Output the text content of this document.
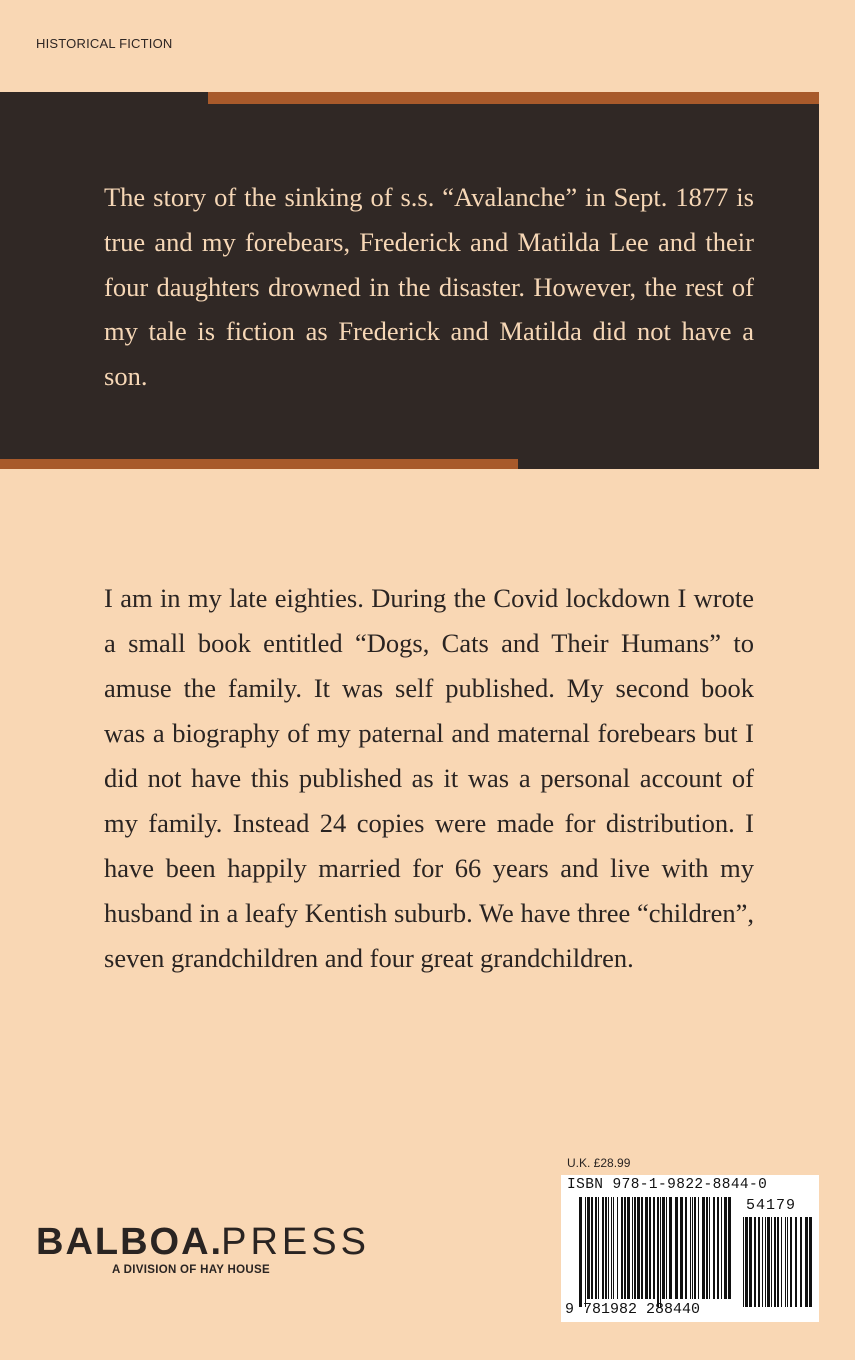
HISTORICAL FICTION

The story of the sinking of s.s. “Avalanche” in Sept. 1877 is true and my forebears, Frederick and Matilda Lee and their four daughters drowned in the disaster. However, the rest of my tale is fiction as Frederick and Matilda did not have a son.

I am in my late eighties. During the Covid lockdown I wrote a small book entitled “Dogs, Cats and Their Humans” to amuse the family. It was self published. My second book was a biography of my paternal and maternal forebears but I did not have this published as it was a personal account of my family. Instead 24 copies were made for distribution. I have been happily married for 66 years and live with my husband in a leafy Kentish suburb. We have three “children”, seven grandchildren and four great grandchildren.

BALBOA.PRESS
A DIVISION OF HAY HOUSE
U.K. £28.99
ISBN 978-1-9822-8844-0
54179
9 781982 288440
